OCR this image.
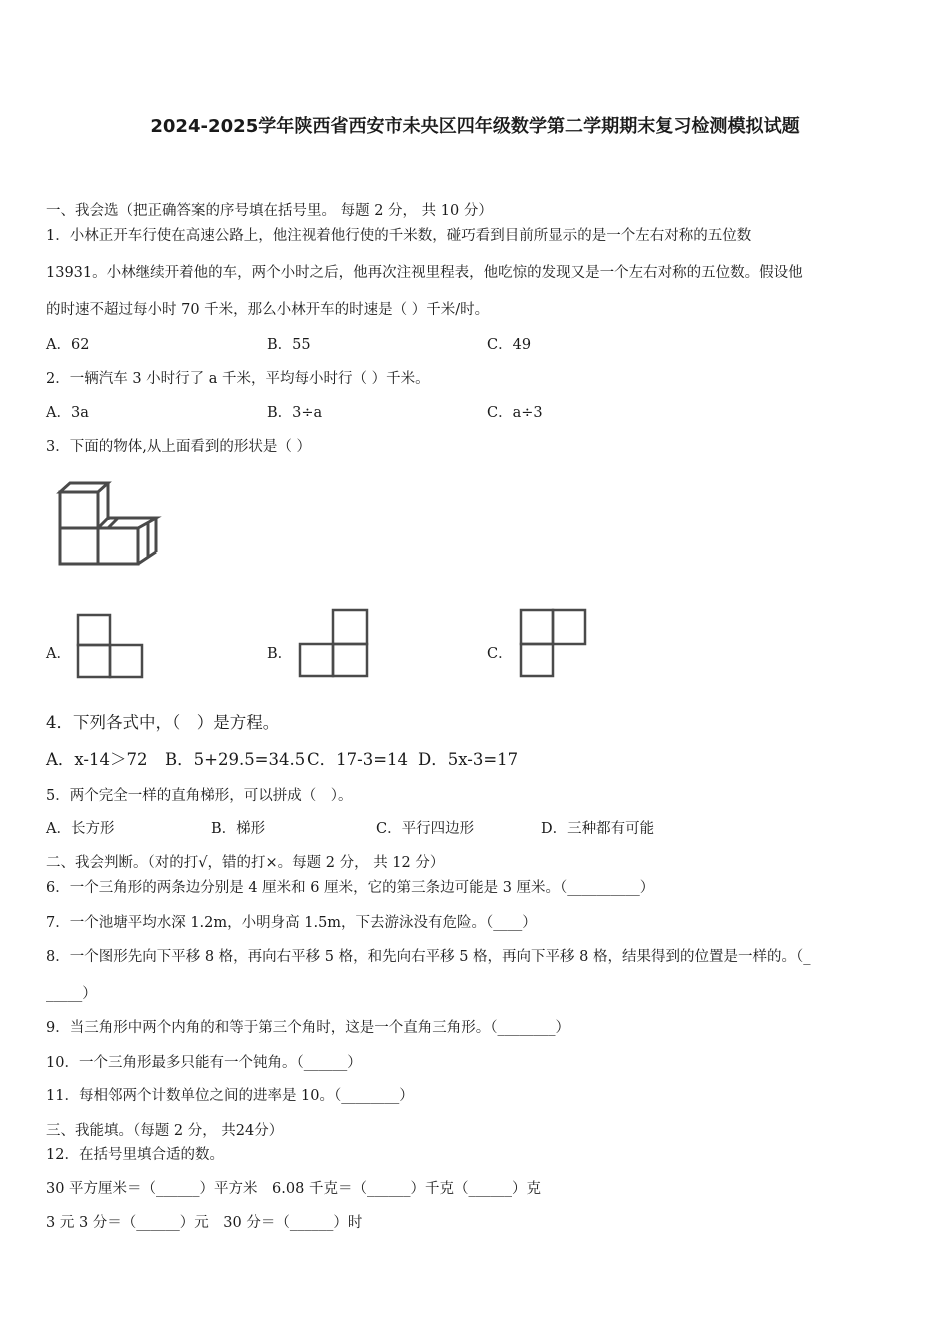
2024-2025学年陕西省西安市未央区四年级数学第二学期期末复习检测模拟试题
一、我会选（把正确答案的序号填在括号里。 每题 2 分， 共 10 分）
1．小林正开车行使在高速公路上，他注视着他行使的千米数，碰巧看到目前所显示的是一个左右对称的五位数
13931。小林继续开着他的车，两个小时之后，他再次注视里程表，他吃惊的发现又是一个左右对称的五位数。假设他
的时速不超过每小时 70 千米，那么小林开车的时速是（ ）千米/时。
A．62	B．55	C．49
2．一辆汽车 3 小时行了 a 千米，平均每小时行（ ）千米。
A．3a	B．3÷a	C．a÷3
3．下面的物体,从上面看到的形状是（ ）
A．	B．	C．
4．下列各式中，（　）是方程。
A．x-14＞72 B．5+29.5=34.5 C．17-3=14 D．5x-3=17
5．两个完全一样的直角梯形，可以拼成（　）。
A．长方形	B．梯形	C．平行四边形	D．三种都有可能
二、我会判断。（对的打√，错的打×。每题 2 分， 共 12 分）
6．一个三角形的两条边分别是 4 厘米和 6 厘米，它的第三条边可能是 3 厘米。（__________）
7．一个池塘平均水深 1.2m，小明身高 1.5m，下去游泳没有危险。（____）
8．一个图形先向下平移 8 格，再向右平移 5 格，和先向右平移 5 格，再向下平移 8 格，结果得到的位置是一样的。（_
_____）
9．当三角形中两个内角的和等于第三个角时，这是一个直角三角形。（________）
10．一个三角形最多只能有一个钝角。（______）
11．每相邻两个计数单位之间的进率是 10。（________）
三、我能填。（每题 2 分， 共24分）
12．在括号里填合适的数。
30 平方厘米＝（______）平方米　6.08 千克＝（______）千克（______）克
3 元 3 分＝（______）元　30 分＝（______）时
